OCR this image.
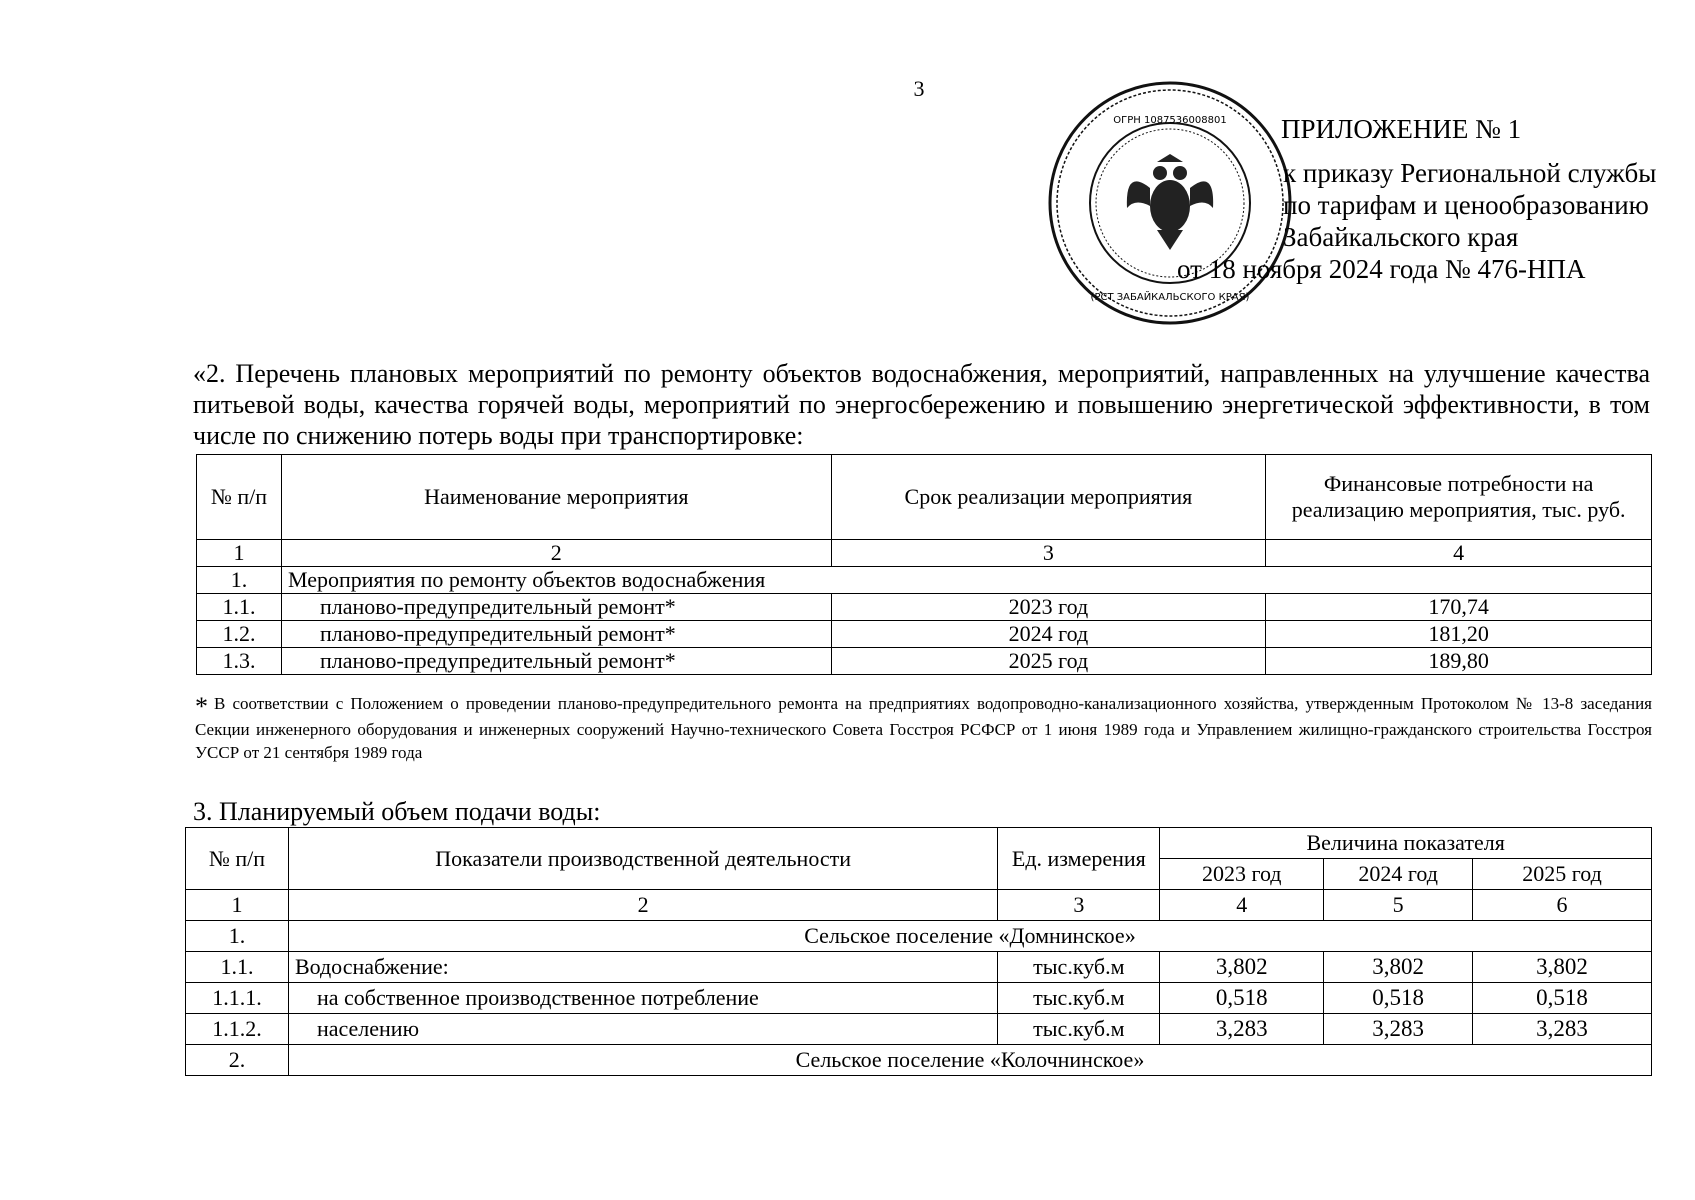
3
ОГРН 1087536008801
(РСТ ЗАБАЙКАЛЬСКОГО КРАЯ)
ПРИЛОЖЕНИЕ № 1
к приказу Региональной службы
по тарифам и ценообразованию
Забайкальского края
от 18 ноября 2024 года № 476-НПА
«2. Перечень плановых мероприятий по ремонту объектов водоснабжения, мероприятий, направленных на улучшение качества питьевой воды, качества горячей воды, мероприятий по энергосбережению и повышению энергетической эффективности, в том числе по снижению потерь воды при транспортировке:
№ п/п	Наименование мероприятия	Срок реализации мероприятия	Финансовые потребности на реализацию мероприятия, тыс. руб.
1	2	3	4
1.	Мероприятия по ремонту объектов водоснабжения		
1.1.	планово-предупредительный ремонт*	2023 год	170,74
1.2.	планово-предупредительный ремонт*	2024 год	181,20
1.3.	планово-предупредительный ремонт*	2025 год	189,80
* В соответствии с Положением о проведении планово-предупредительного ремонта на предприятиях водопроводно-канализационного хозяйства, утвержденным Протоколом № 13-8 заседания Секции инженерного оборудования и инженерных сооружений Научно-технического Совета Госстроя РСФСР от 1 июня 1989 года и Управлением жилищно-гражданского строительства Госстроя УССР от 21 сентября 1989 года
3. Планируемый объем подачи воды:
№ п/п	Показатели производственной деятельности	Ед. измерения	Величина показателя		
			2023 год	2024 год	2025 год
1	2	3	4	5	6
1.	Сельское поселение «Домнинское»				
1.1.	Водоснабжение:	тыс.куб.м	3,802	3,802	3,802
1.1.1.	на собственное производственное потребление	тыс.куб.м	0,518	0,518	0,518
1.1.2.	населению	тыс.куб.м	3,283	3,283	3,283
2.	Сельское поселение «Колочнинское»				
